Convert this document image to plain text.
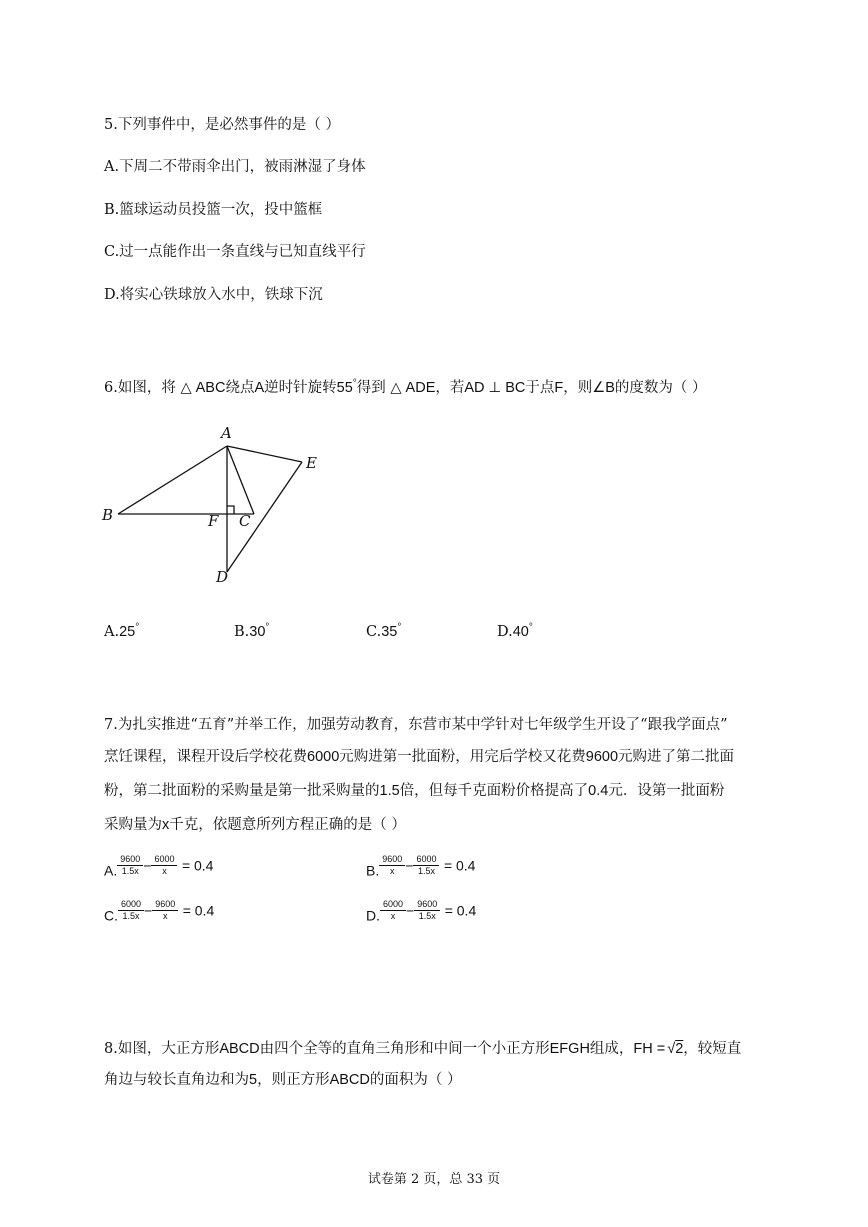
5.下列事件中，是必然事件的是（ ）
A.下周二不带雨伞出门，被雨淋湿了身体
B.篮球运动员投篮一次，投中篮框
C.过一点能作出一条直线与已知直线平行
D.将实心铁球放入水中，铁球下沉
6.如图，将 △ ABC绕点A逆时针旋转55°得到 △ ADE，若AD ⊥ BC于点F，则∠B的度数为（ ）
A
B	C
D
E
F
A.25°	B.30°	C.35°	D.40°
7.为扎实推进“五育”并举工作，加强劳动教育，东营市某中学针对七年级学生开设了“跟我学面点”
烹饪课程，课程开设后学校花费6000元购进第一批面粉，用完后学校又花费9600元购进了第二批面
粉，第二批面粉的采购量是第一批采购量的1.5倍，但每千克面粉价格提高了0.4元．设第一批面粉
采购量为x千克，依题意所列方程正确的是（ ）
A. $\frac{9600}{1.5x} - \frac{6000}{x} = 0.4$	B. $\frac{9600}{x} - \frac{6000}{1.5x} = 0.4$
C. $\frac{6000}{1.5x} - \frac{9600}{x} = 0.4$	D. $\frac{6000}{x} - \frac{9600}{1.5x} = 0.4$
8.如图，大正方形ABCD由四个全等的直角三角形和中间一个小正方形EFGH组成，FH = √2，较短直
角边与较长直角边和为5，则正方形ABCD的面积为（ ）
试卷第 2 页，总 33 页
